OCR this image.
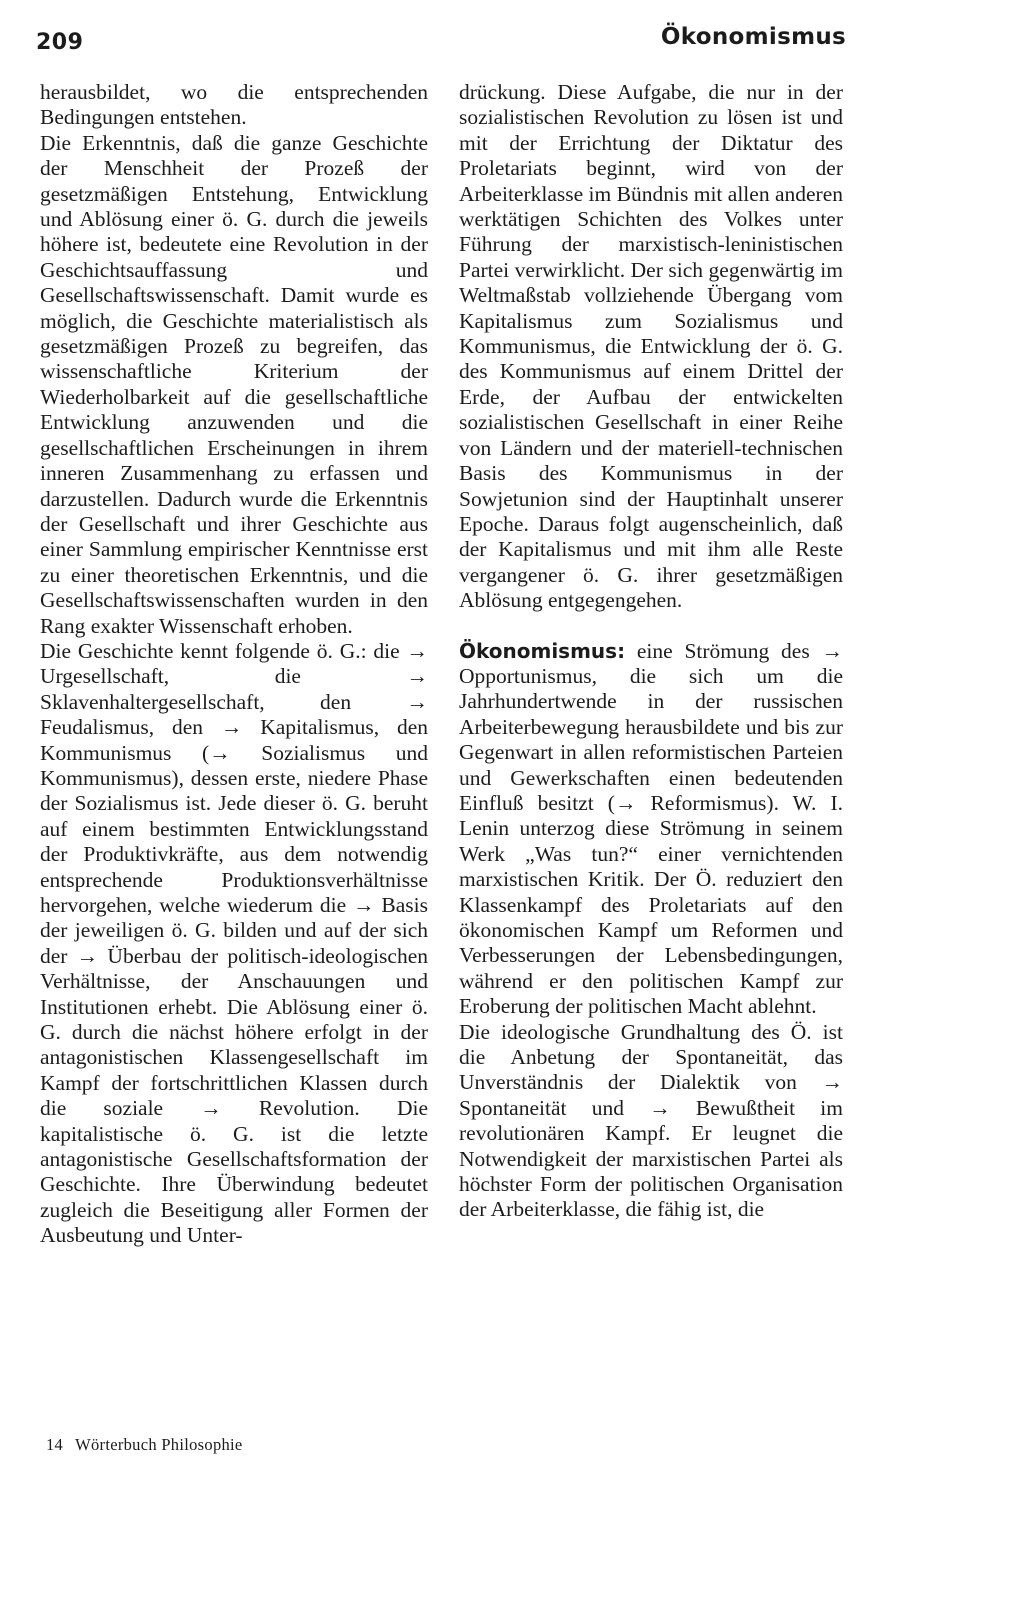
209	Ökonomismus

herausbildet, wo die entsprechenden Bedingungen entstehen.

Die Erkenntnis, daß die ganze Geschichte der Menschheit der Prozeß der gesetzmäßigen Entstehung, Entwicklung und Ablösung einer ö. G. durch die jeweils höhere ist, bedeutete eine Revolution in der Geschichtsauffassung und Gesellschaftswissenschaft. Damit wurde es möglich, die Geschichte materialistisch als gesetzmäßigen Prozeß zu begreifen, das wissenschaftliche Kriterium der Wiederholbarkeit auf die gesellschaftliche Entwicklung anzuwenden und die gesellschaftlichen Erscheinungen in ihrem inneren Zusammenhang zu erfassen und darzustellen. Dadurch wurde die Erkenntnis der Gesellschaft und ihrer Geschichte aus einer Sammlung empirischer Kenntnisse erst zu einer theoretischen Erkenntnis, und die Gesellschaftswissenschaften wurden in den Rang exakter Wissenschaft erhoben.

Die Geschichte kennt folgende ö. G.: die → Urgesellschaft, die → Sklavenhaltergesellschaft, den → Feudalismus, den → Kapitalismus, den Kommunismus (→ Sozialismus und Kommunismus), dessen erste, niedere Phase der Sozialismus ist. Jede dieser ö. G. beruht auf einem bestimmten Entwicklungsstand der Produktivkräfte, aus dem notwendig entsprechende Produktionsverhältnisse hervorgehen, welche wiederum die → Basis der jeweiligen ö. G. bilden und auf der sich der → Überbau der politisch-ideologischen Verhältnisse, der Anschauungen und Institutionen erhebt. Die Ablösung einer ö. G. durch die nächst höhere erfolgt in der antagonistischen Klassengesellschaft im Kampf der fortschrittlichen Klassen durch die soziale → Revolution. Die kapitalistische ö. G. ist die letzte antagonistische Gesellschaftsformation der Geschichte. Ihre Überwindung bedeutet zugleich die Beseitigung aller Formen der Ausbeutung und Unter-

drückung. Diese Aufgabe, die nur in der sozialistischen Revolution zu lösen ist und mit der Errichtung der Diktatur des Proletariats beginnt, wird von der Arbeiterklasse im Bündnis mit allen anderen werktätigen Schichten des Volkes unter Führung der marxistisch-leninistischen Partei verwirklicht. Der sich gegenwärtig im Weltmaßstab vollziehende Übergang vom Kapitalismus zum Sozialismus und Kommunismus, die Entwicklung der ö. G. des Kommunismus auf einem Drittel der Erde, der Aufbau der entwickelten sozialistischen Gesellschaft in einer Reihe von Ländern und der materiell-technischen Basis des Kommunismus in der Sowjetunion sind der Hauptinhalt unserer Epoche. Daraus folgt augenscheinlich, daß der Kapitalismus und mit ihm alle Reste vergangener ö. G. ihrer gesetzmäßigen Ablösung entgegengehen.

Ökonomismus: eine Strömung des → Opportunismus, die sich um die Jahrhundertwende in der russischen Arbeiterbewegung herausbildete und bis zur Gegenwart in allen reformistischen Parteien und Gewerkschaften einen bedeutenden Einfluß besitzt (→ Reformismus). W. I. Lenin unterzog diese Strömung in seinem Werk „Was tun?“ einer vernichtenden marxistischen Kritik. Der Ö. reduziert den Klassenkampf des Proletariats auf den ökonomischen Kampf um Reformen und Verbesserungen der Lebensbedingungen, während er den politischen Kampf zur Eroberung der politischen Macht ablehnt.

Die ideologische Grundhaltung des Ö. ist die Anbetung der Spontaneität, das Unverständnis der Dialektik von → Spontaneität und → Bewußtheit im revolutionären Kampf. Er leugnet die Notwendigkeit der marxistischen Partei als höchster Form der politischen Organisation der Arbeiterklasse, die fähig ist, die

14 Wörterbuch Philosophie
